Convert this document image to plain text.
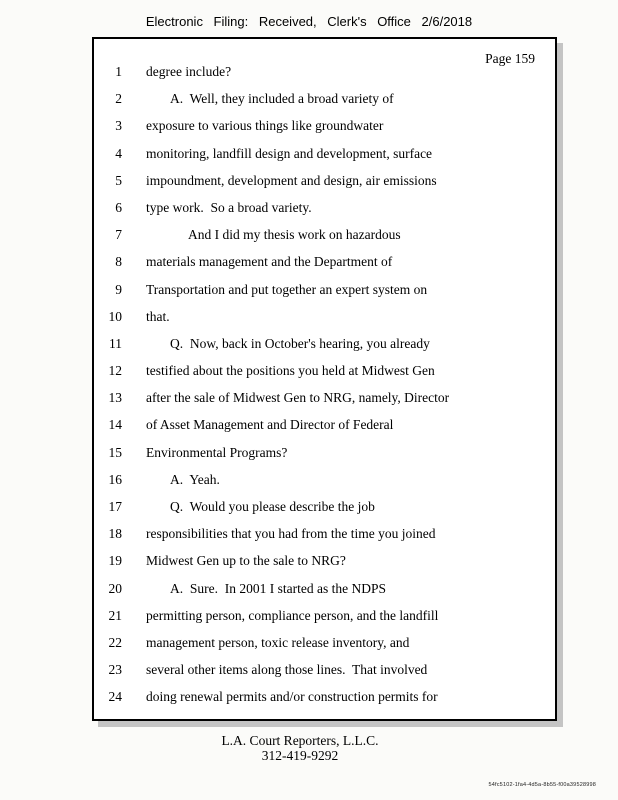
Electronic Filing: Received, Clerk's Office 2/6/2018
Page 159
1	degree include?
2	A.  Well, they included a broad variety of
3	exposure to various things like groundwater
4	monitoring, landfill design and development, surface
5	impoundment, development and design, air emissions
6	type work.  So a broad variety.
7	And I did my thesis work on hazardous
8	materials management and the Department of
9	Transportation and put together an expert system on
10	that.
11	Q.  Now, back in October's hearing, you already
12	testified about the positions you held at Midwest Gen
13	after the sale of Midwest Gen to NRG, namely, Director
14	of Asset Management and Director of Federal
15	Environmental Programs?
16	A.  Yeah.
17	Q.  Would you please describe the job
18	responsibilities that you had from the time you joined
19	Midwest Gen up to the sale to NRG?
20	A.  Sure.  In 2001 I started as the NDPS
21	permitting person, compliance person, and the landfill
22	management person, toxic release inventory, and
23	several other items along those lines.  That involved
24	doing renewal permits and/or construction permits for
L.A. Court Reporters, L.L.C.
312-419-9292
54fc5102-1fa4-4d5a-8b55-f00a39528998
